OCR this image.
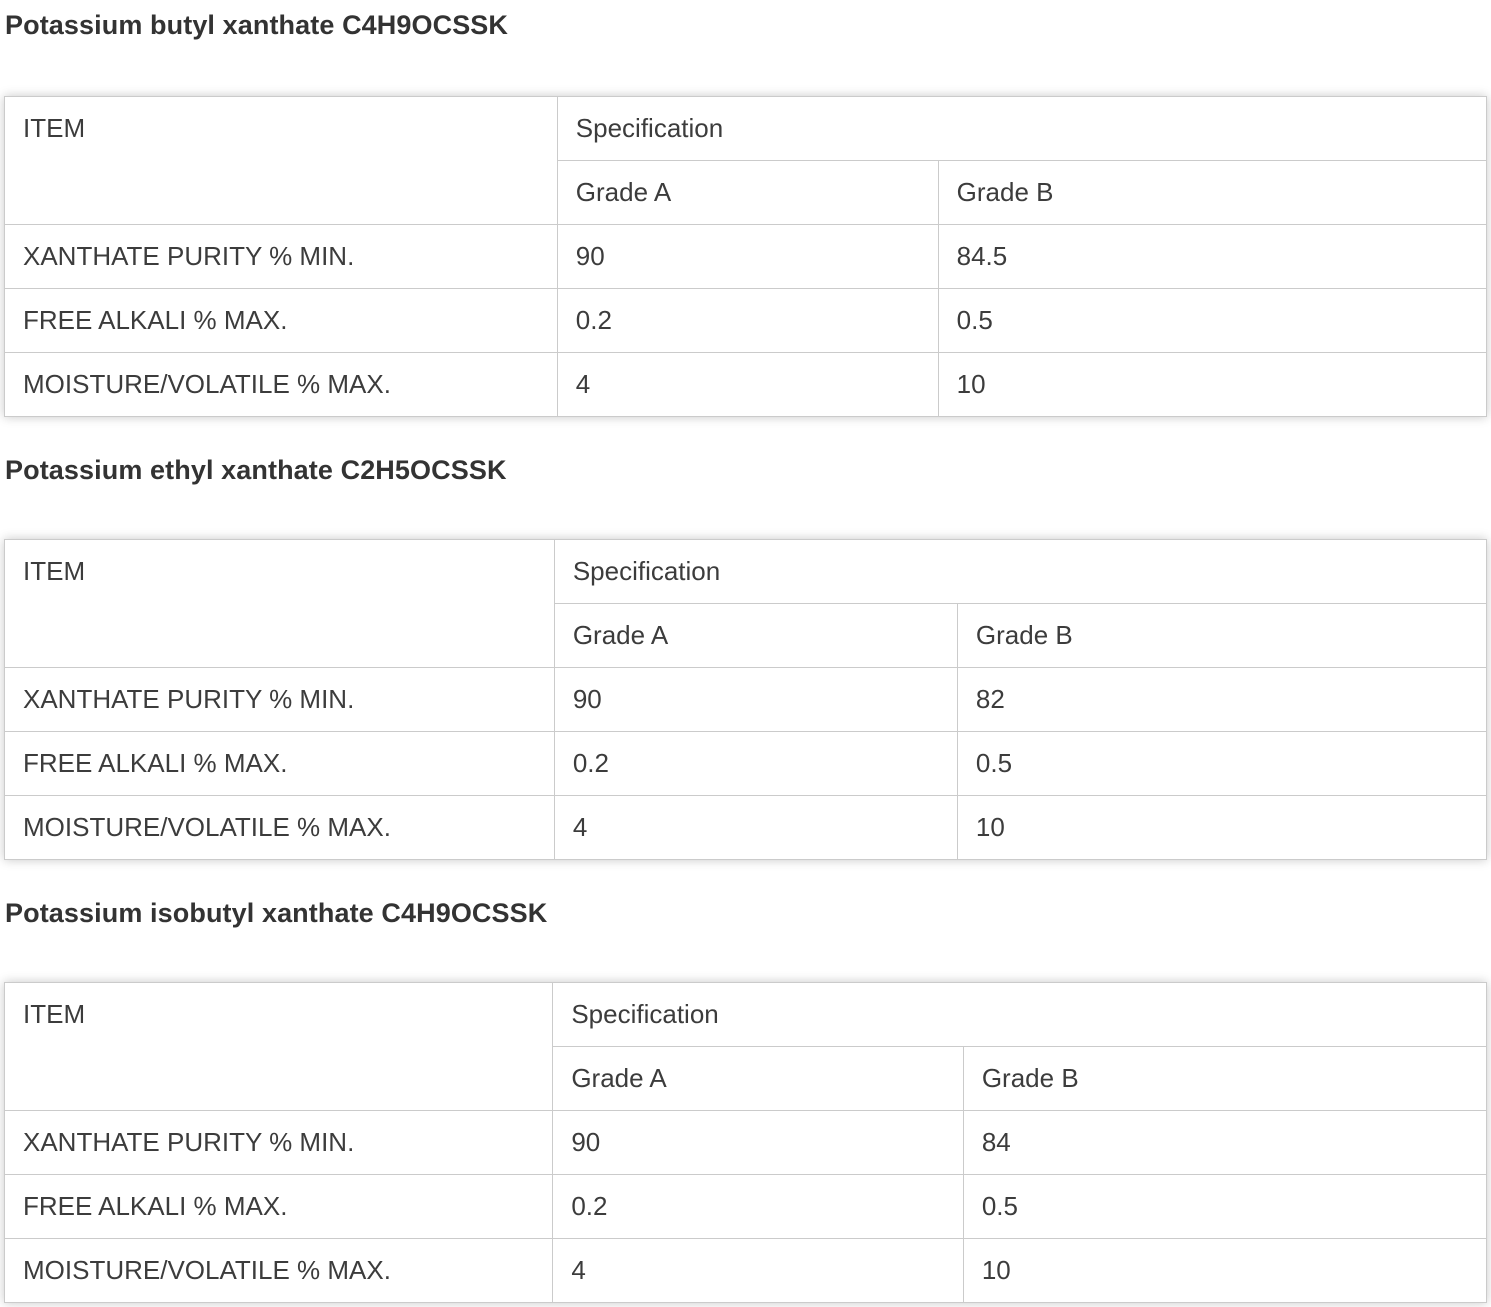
Potassium butyl xanthate C4H9OCSSK
ITEM	Specification	
	Grade A	Grade B
XANTHATE PURITY % MIN.	90	84.5
FREE ALKALI % MAX.	0.2	0.5
MOISTURE/VOLATILE % MAX.	4	10
Potassium ethyl xanthate C2H5OCSSK
ITEM	Specification	
	Grade A	Grade B
XANTHATE PURITY % MIN.	90	82
FREE ALKALI % MAX.	0.2	0.5
MOISTURE/VOLATILE % MAX.	4	10
Potassium isobutyl xanthate C4H9OCSSK
ITEM	Specification	
	Grade A	Grade B
XANTHATE PURITY % MIN.	90	84
FREE ALKALI % MAX.	0.2	0.5
MOISTURE/VOLATILE % MAX.	4	10
